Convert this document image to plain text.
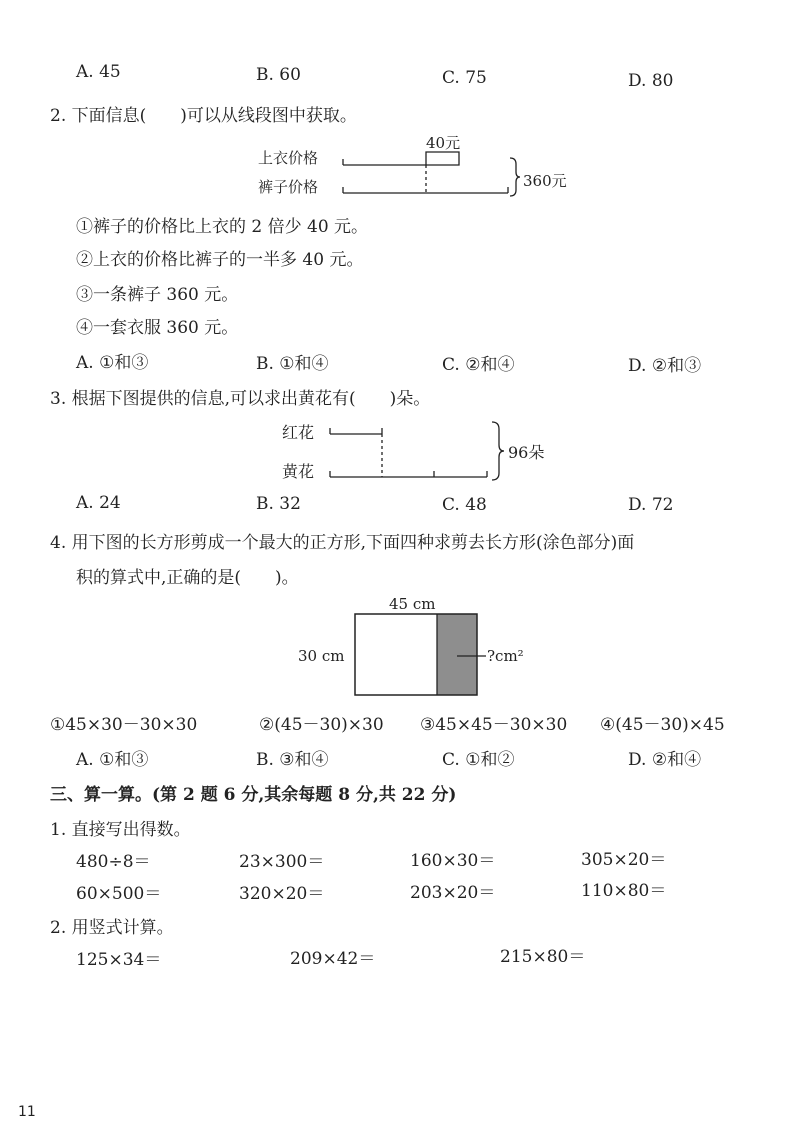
A. 45	B. 60	C. 75	D. 80
2. 下面信息(　　)可以从线段图中获取。
上衣价格
裤子价格
40元
360元
①裤子的价格比上衣的 2 倍少 40 元。
②上衣的价格比裤子的一半多 40 元。
③一条裤子 360 元。
④一套衣服 360 元。
A. ①和③	B. ①和④	C. ②和④	D. ②和③
3. 根据下图提供的信息,可以求出黄花有(　　)朵。
红花
黄花
96朵
A. 24	B. 32	C. 48	D. 72
4. 用下图的长方形剪成一个最大的正方形,下面四种求剪去长方形(涂色部分)面
积的算式中,正确的是(　　)。
45 cm
30 cm	?cm²
①45×30－30×30	②(45－30)×30 ③45×45－30×30 ④(45－30)×45
A. ①和③	B. ③和④	C. ①和②	D. ②和④
三、算一算。(第 2 题 6 分,其余每题 8 分,共 22 分)
1. 直接写出得数。
480÷8＝	23×300＝	160×30＝	305×20＝
60×500＝	320×20＝	203×20＝	110×80＝
2. 用竖式计算。
125×34＝	209×42＝	215×80＝
11
